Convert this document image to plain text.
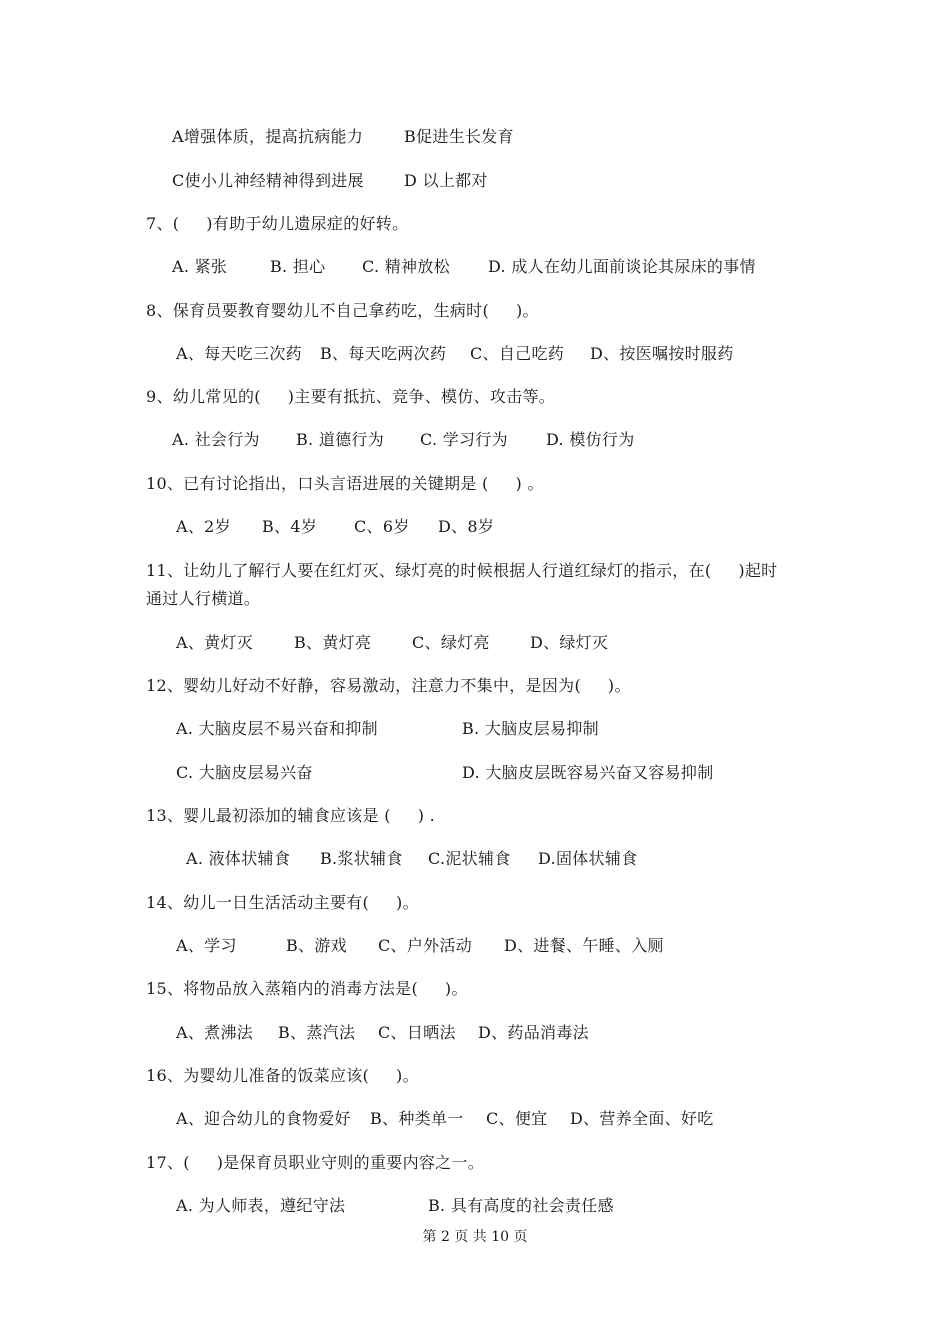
A增强体质，提高抗病能力	B促进生长发育
C使小儿神经精神得到进展	D 以上都对
7、(     )有助于幼儿遗尿症的好转。
A. 紧张	B. 担心 C. 精神放松 D. 成人在幼儿面前谈论其尿床的事情
8、保育员要教育婴幼儿不自己拿药吃，生病时(     )。
A、每天吃三次药 B、每天吃两次药 C、自己吃药 D、按医嘱按时服药
9、幼儿常见的(     )主要有抵抗、竞争、模仿、攻击等。
A. 社会行为 B. 道德行为 C. 学习行为 D. 模仿行为
10、已有讨论指出，口头言语进展的关键期是 (     ) 。
A、2岁 B、4岁 C、6岁 D、8岁
11、让幼儿了解行人要在红灯灭、绿灯亮的时候根据人行道红绿灯的指示，在(     )起时
通过人行横道。
A、黄灯灭	B、黄灯亮	C、绿灯亮	D、绿灯灭
12、婴幼儿好动不好静，容易激动，注意力不集中，是因为(     )。
A. 大脑皮层不易兴奋和抑制	B. 大脑皮层易抑制
C. 大脑皮层易兴奋	D. 大脑皮层既容易兴奋又容易抑制
13、婴儿最初添加的辅食应该是 (     ) .
A. 液体状辅食 B.浆状辅食 C.泥状辅食 D.固体状辅食
14、幼儿一日生活活动主要有(     )。
A、学习	B、游戏 C、户外活动 D、进餐、午睡、入厕
15、将物品放入蒸箱内的消毒方法是(     )。
A、煮沸法 B、蒸汽法 C、日晒法 D、药品消毒法
16、为婴幼儿准备的饭菜应该(     )。
A、迎合幼儿的食物爱好 B、种类单一 C、便宜 D、营养全面、好吃
17、(     )是保育员职业守则的重要内容之一。
A. 为人师表，遵纪守法	B. 具有高度的社会责任感
第 2 页 共 10 页
